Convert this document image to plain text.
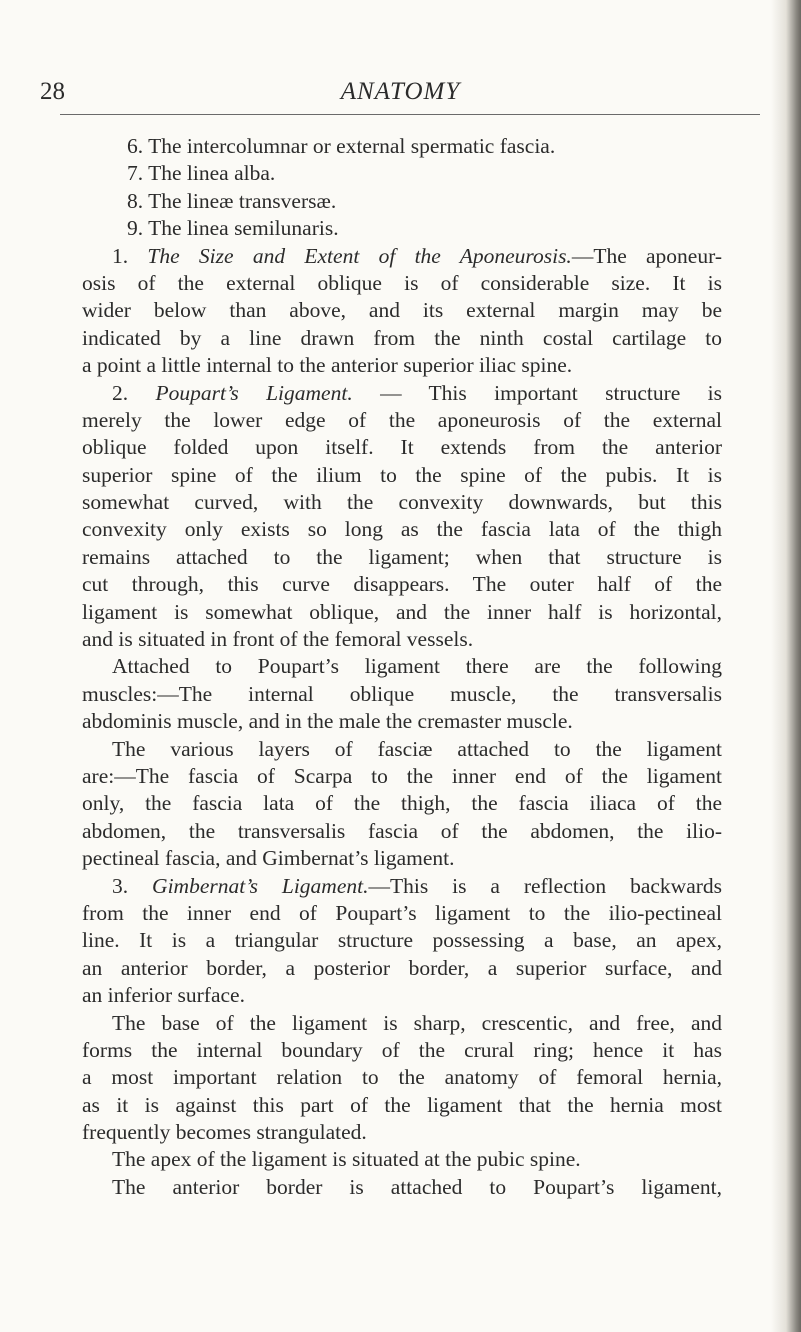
28	ANATOMY
6. The intercolumnar or external spermatic fascia.
7. The linea alba.
8. The lineæ transversæ.
9. The linea semilunaris.
1. The Size and Extent of the Aponeurosis.—The aponeur-
osis of the external oblique is of considerable size. It is
wider below than above, and its external margin may be
indicated by a line drawn from the ninth costal cartilage to
a point a little internal to the anterior superior iliac spine.
2. Poupart’s Ligament. — This important structure is
merely the lower edge of the aponeurosis of the external
oblique folded upon itself. It extends from the anterior
superior spine of the ilium to the spine of the pubis. It is
somewhat curved, with the convexity downwards, but this
convexity only exists so long as the fascia lata of the thigh
remains attached to the ligament; when that structure is
cut through, this curve disappears. The outer half of the
ligament is somewhat oblique, and the inner half is horizontal,
and is situated in front of the femoral vessels.
Attached to Poupart’s ligament there are the following
muscles:—The internal oblique muscle, the transversalis
abdominis muscle, and in the male the cremaster muscle.
The various layers of fasciæ attached to the ligament
are:—The fascia of Scarpa to the inner end of the ligament
only, the fascia lata of the thigh, the fascia iliaca of the
abdomen, the transversalis fascia of the abdomen, the ilio-
pectineal fascia, and Gimbernat’s ligament.
3. Gimbernat’s Ligament.—This is a reflection backwards
from the inner end of Poupart’s ligament to the ilio-pectineal
line. It is a triangular structure possessing a base, an apex,
an anterior border, a posterior border, a superior surface, and
an inferior surface.
The base of the ligament is sharp, crescentic, and free, and
forms the internal boundary of the crural ring; hence it has
a most important relation to the anatomy of femoral hernia,
as it is against this part of the ligament that the hernia most
frequently becomes strangulated.
The apex of the ligament is situated at the pubic spine.
The anterior border is attached to Poupart’s ligament,
